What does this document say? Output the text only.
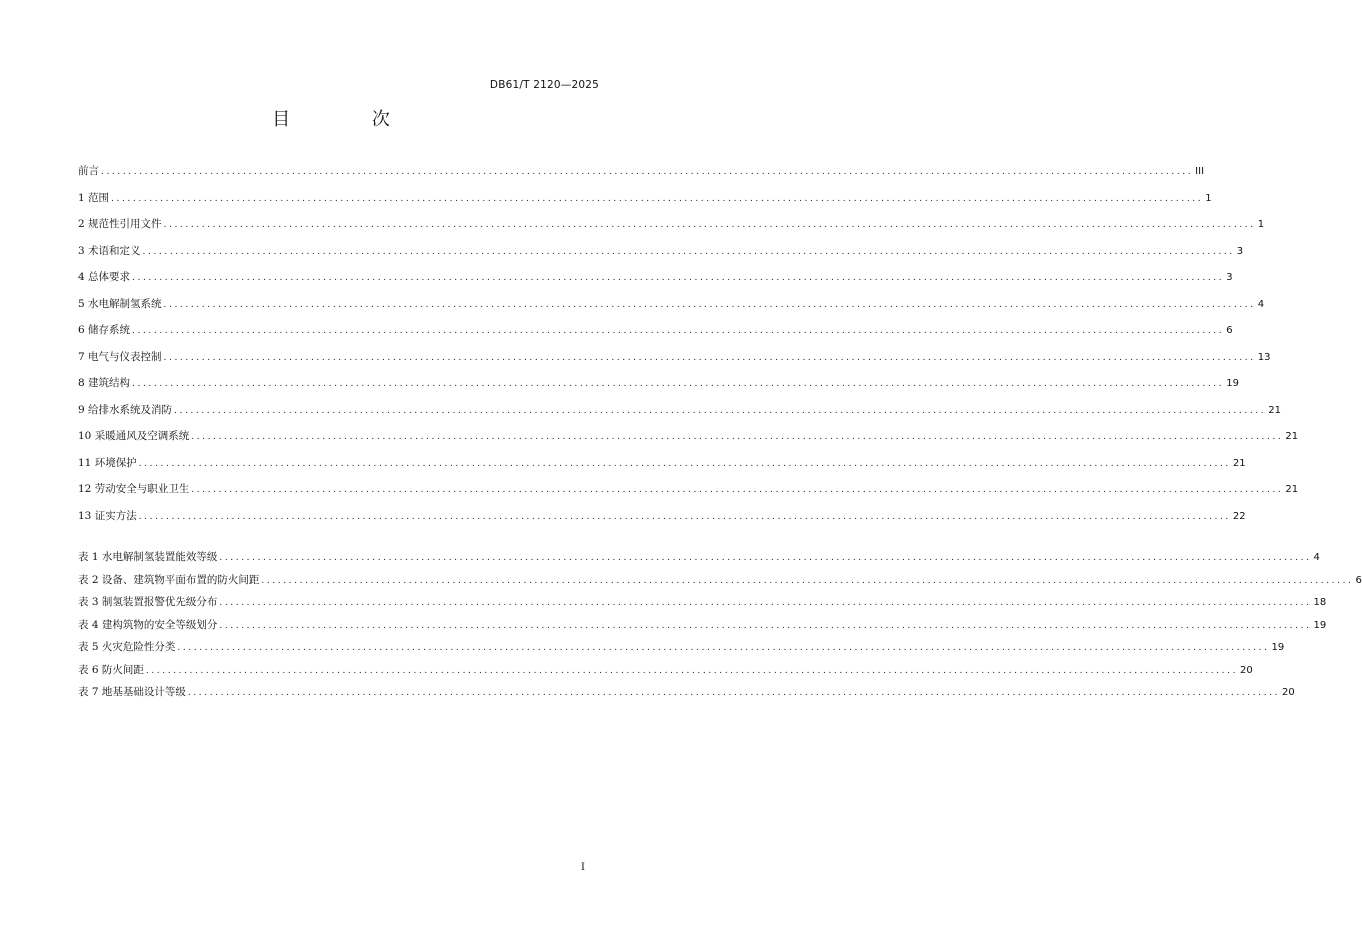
DB61/T 2120—2025
目 次
前言 ........................................................................................................................................................................................................ III
1 范围 ........................................................................................................................................................................................................ 1
2 规范性引用文件 ........................................................................................................................................................................................................ 1
3 术语和定义 ........................................................................................................................................................................................................ 3
4 总体要求 ........................................................................................................................................................................................................ 3
5 水电解制氢系统 ........................................................................................................................................................................................................ 4
6 储存系统 ........................................................................................................................................................................................................ 6
7 电气与仪表控制 ........................................................................................................................................................................................................ 13
8 建筑结构 ........................................................................................................................................................................................................ 19
9 给排水系统及消防 ........................................................................................................................................................................................................ 21
10 采暖通风及空调系统 ........................................................................................................................................................................................................ 21
11 环境保护 ........................................................................................................................................................................................................ 21
12 劳动安全与职业卫生 ........................................................................................................................................................................................................ 21
13 证实方法 ........................................................................................................................................................................................................ 22
表 1 水电解制氢装置能效等级 ........................................................................................................................................................................................................ 4
表 2 设备、建筑物平面布置的防火间距 ........................................................................................................................................................................................................ 6
表 3 制氢装置报警优先级分布 ........................................................................................................................................................................................................ 18
表 4 建构筑物的安全等级划分 ........................................................................................................................................................................................................ 19
表 5 火灾危险性分类 ........................................................................................................................................................................................................ 19
表 6 防火间距 ........................................................................................................................................................................................................ 20
表 7 地基基础设计等级 ........................................................................................................................................................................................................ 20
I
